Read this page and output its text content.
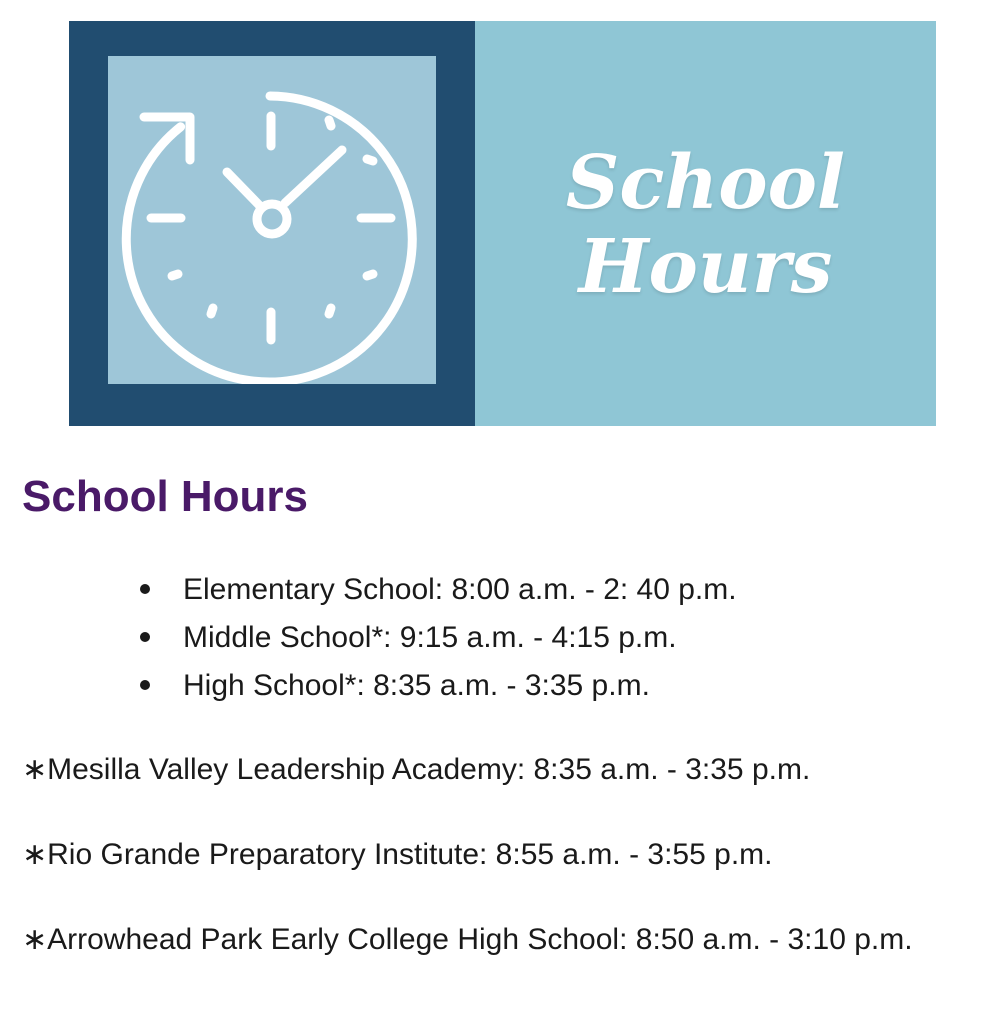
School
Hours
School Hours
Elementary School: 8:00 a.m. - 2: 40 p.m.
Middle School*: 9:15 a.m. - 4:15 p.m.
High School*: 8:35 a.m. - 3:35 p.m.

∗Mesilla Valley Leadership Academy: 8:35 a.m. - 3:35 p.m.

∗Rio Grande Preparatory Institute: 8:55 a.m. - 3:55 p.m.

∗Arrowhead Park Early College High School: 8:50 a.m. - 3:10 p.m.
